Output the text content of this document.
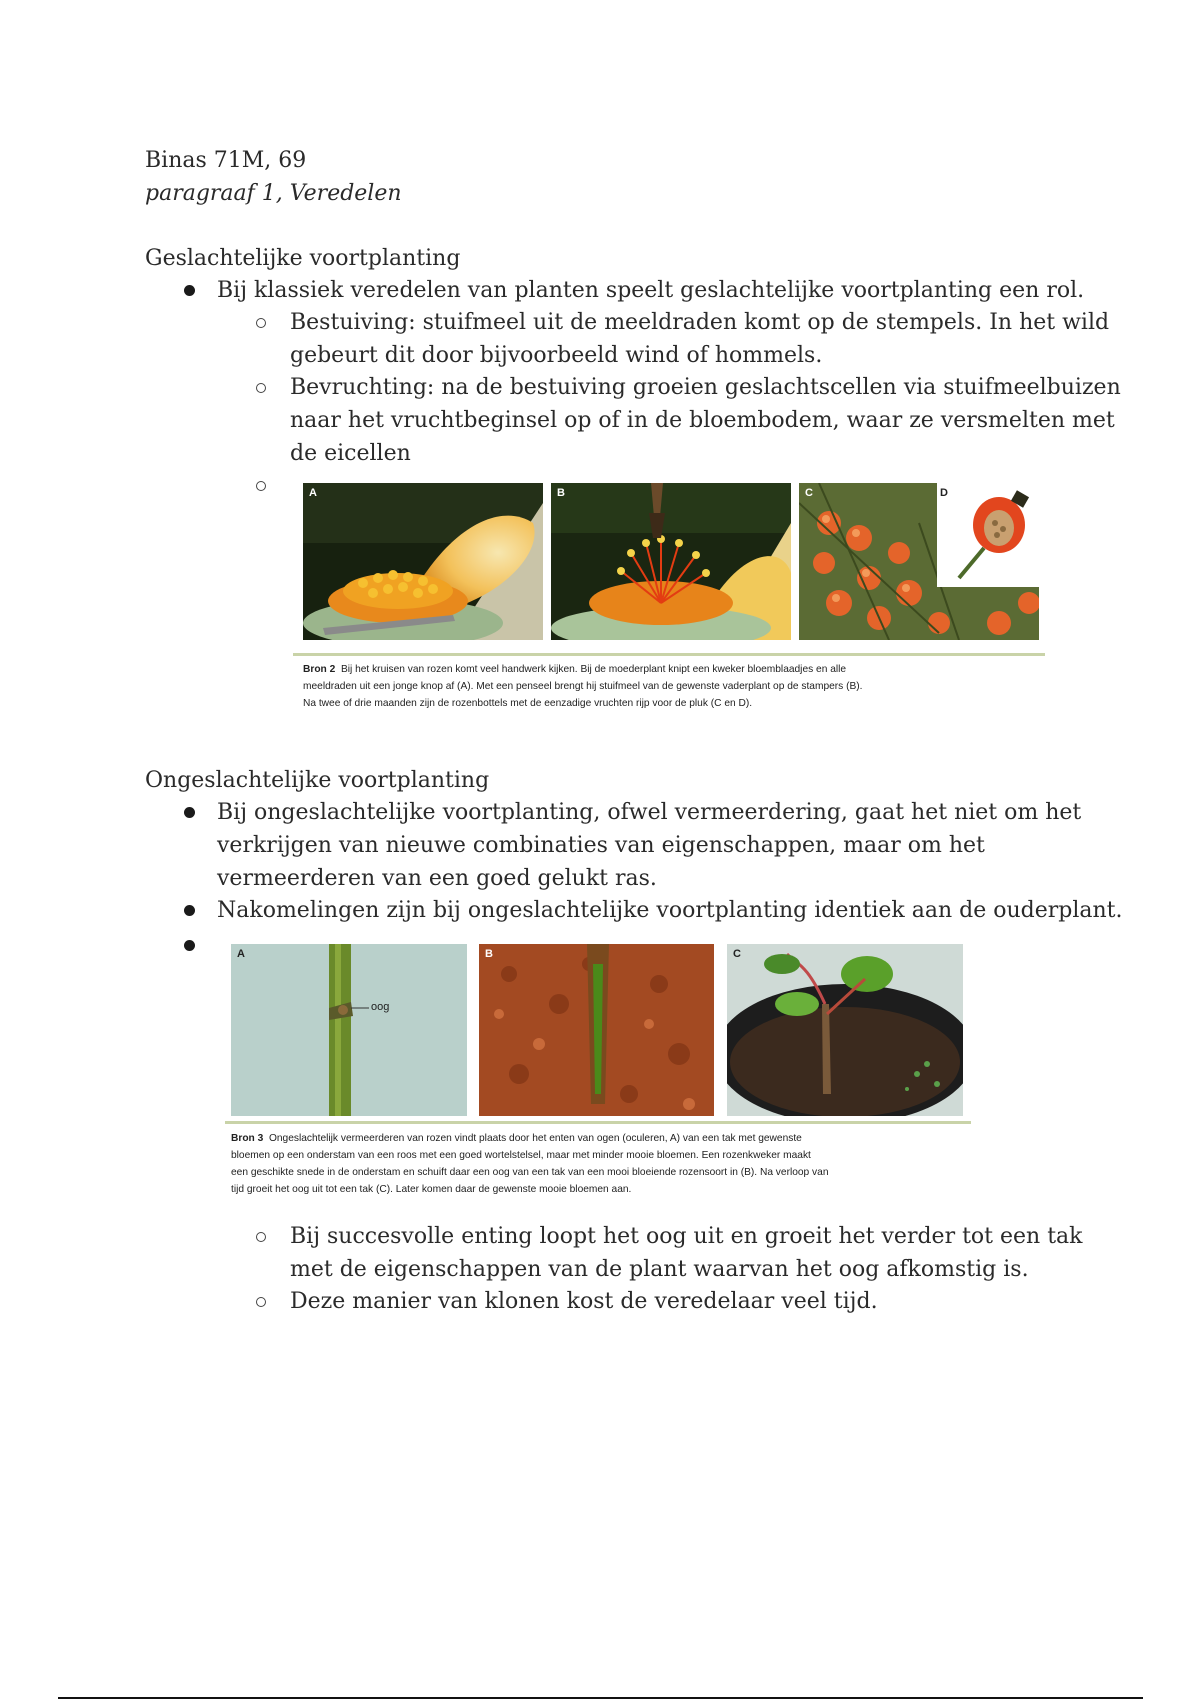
Binas 71M, 69
paragraaf 1, Veredelen
Geslachtelijke voortplanting
Bij klassiek veredelen van planten speelt geslachtelijke voortplanting een rol.
Bestuiving: stuifmeel uit de meeldraden komt op de stempels. In het wild
gebeurt dit door bijvoorbeeld wind of hommels.
Bevruchting: na de bestuiving groeien geslachtscellen via stuifmeelbuizen
naar het vruchtbeginsel op of in de bloembodem, waar ze versmelten met
de eicellen
A	B	C	D
Bron 2 Bij het kruisen van rozen komt veel handwerk kijken. Bij de moederplant knipt een kweker bloemblaadjes en alle
meeldraden uit een jonge knop af (A). Met een penseel brengt hij stuifmeel van de gewenste vaderplant op de stampers (B).
Na twee of drie maanden zijn de rozenbottels met de eenzadige vruchten rijp voor de pluk (C en D).
Ongeslachtelijke voortplanting
Bij ongeslachtelijke voortplanting, ofwel vermeerdering, gaat het niet om het
verkrijgen van nieuwe combinaties van eigenschappen, maar om het
vermeerderen van een goed gelukt ras.
Nakomelingen zijn bij ongeslachtelijke voortplanting identiek aan de ouderplant.
A
oog
B	C
Bron 3 Ongeslachtelijk vermeerderen van rozen vindt plaats door het enten van ogen (oculeren, A) van een tak met gewenste
bloemen op een onderstam van een roos met een goed wortelstelsel, maar met minder mooie bloemen. Een rozenkweker maakt
een geschikte snede in de onderstam en schuift daar een oog van een tak van een mooi bloeiende rozensoort in (B). Na verloop van
tijd groeit het oog uit tot een tak (C). Later komen daar de gewenste mooie bloemen aan.
Bij succesvolle enting loopt het oog uit en groeit het verder tot een tak
met de eigenschappen van de plant waarvan het oog afkomstig is.
Deze manier van klonen kost de veredelaar veel tijd.
